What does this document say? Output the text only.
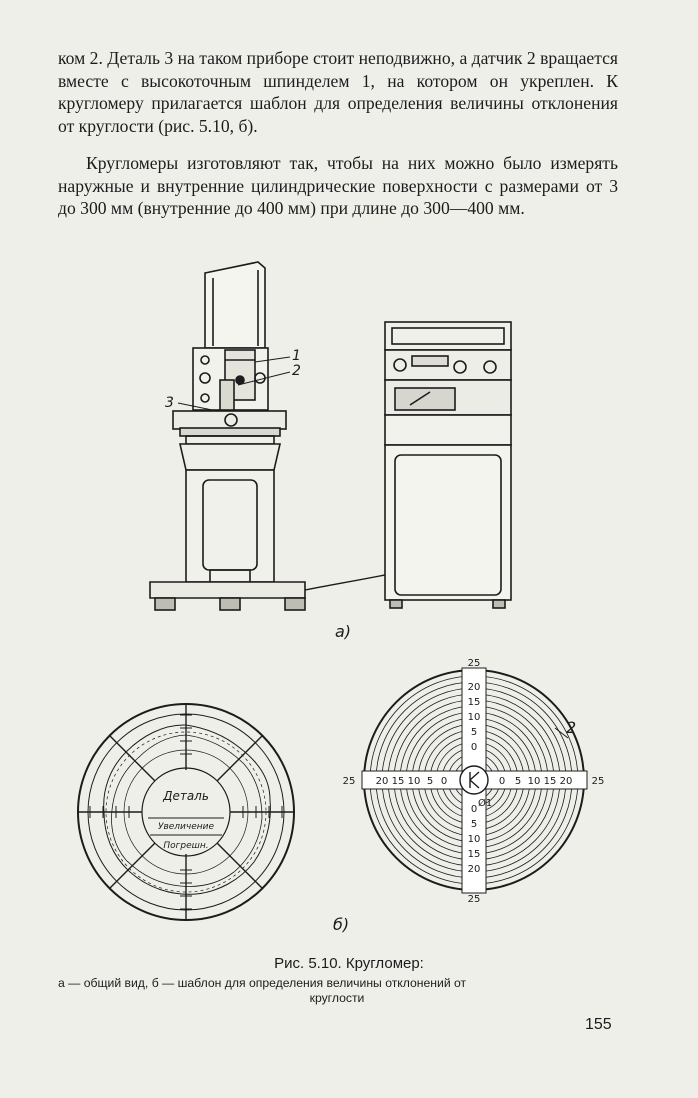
ком 2. Деталь 3 на таком приборе стоит неподвижно, а датчик 2 вращается вместе с высокоточным шпинделем 1, на котором он укреплен. К кругломеру прилагается шаблон для определения величины отклонения от круглости (рис. 5.10, б).
Кругломеры изготовляют так, чтобы на них можно было измерять наружные и внутренние цилиндрические поверхности с размерами от 3 до 300 мм (внутренние до 400 мм) при длине до 300—400 мм.
Деталь
Увеличение
Погрешн.
2
25
20
15
10
5
0
0
5
10
15
20
25
25 20 15 10 5 0	0 5 10 15 20 25
Ø1
а)
б)
1
2
3
Рис. 5.10. Кругломер:
а — общий вид, б — шаблон для определения величины отклонений от
круглости
155
